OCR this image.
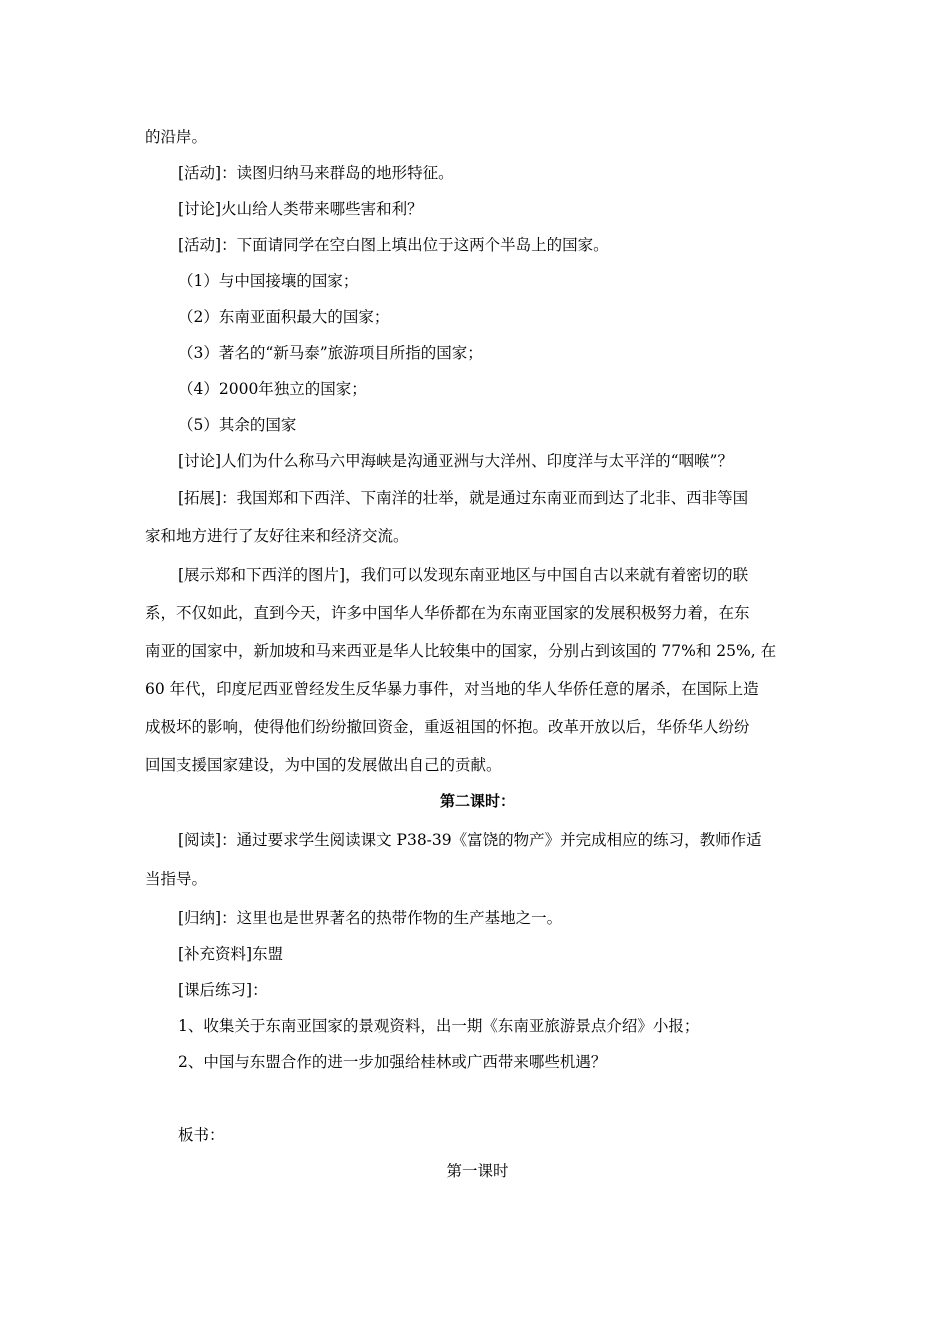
的沿岸。

[活动]：读图归纳马来群岛的地形特征。

[讨论]火山给人类带来哪些害和利？

[活动]：下面请同学在空白图上填出位于这两个半岛上的国家。

（1）与中国接壤的国家；

（2）东南亚面积最大的国家；

（3）著名的“新马泰”旅游项目所指的国家；

（4）2000年独立的国家；

（5）其余的国家

[讨论]人们为什么称马六甲海峡是沟通亚洲与大洋州、印度洋与太平洋的“咽喉”？

[拓展]：我国郑和下西洋、下南洋的壮举，就是通过东南亚而到达了北非、西非等国

家和地方进行了友好往来和经济交流。

[展示郑和下西洋的图片]，我们可以发现东南亚地区与中国自古以来就有着密切的联

系，不仅如此，直到今天，许多中国华人华侨都在为东南亚国家的发展积极努力着，在东

南亚的国家中，新加坡和马来西亚是华人比较集中的国家，分别占到该国的 77%和 25%, 在

60 年代，印度尼西亚曾经发生反华暴力事件，对当地的华人华侨任意的屠杀，在国际上造

成极坏的影响，使得他们纷纷撤回资金，重返祖国的怀抱。改革开放以后，华侨华人纷纷

回国支援国家建设，为中国的发展做出自己的贡献。

第二课时：

[阅读]：通过要求学生阅读课文 P38-39《富饶的物产》并完成相应的练习，教师作适

当指导。

[归纳]：这里也是世界著名的热带作物的生产基地之一。

[补充资料]东盟

[课后练习]：

1、收集关于东南亚国家的景观资料，出一期《东南亚旅游景点介绍》小报；

2、中国与东盟合作的进一步加强给桂林或广西带来哪些机遇？

板书：

第一课时
